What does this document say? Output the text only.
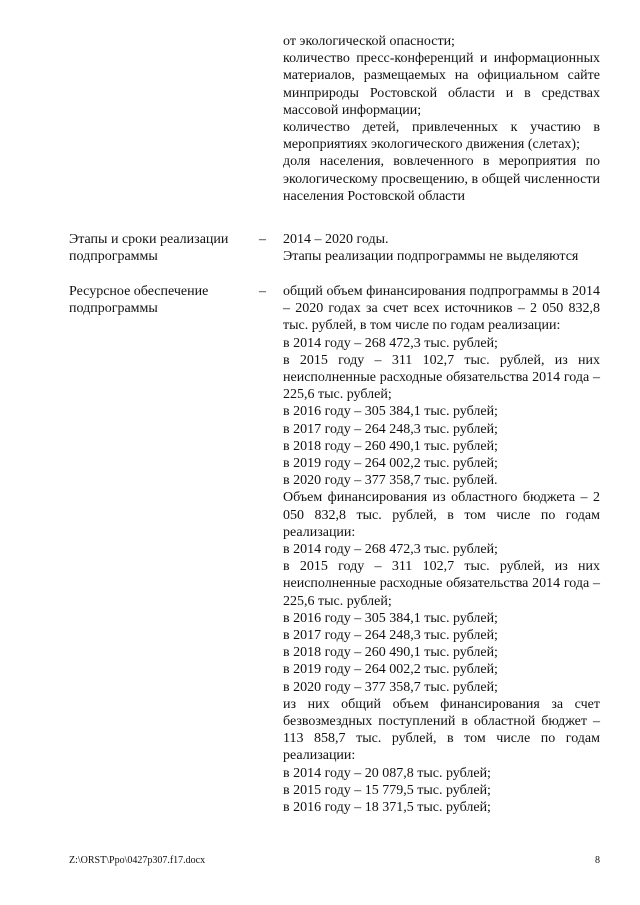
от экологической опасности;

количество пресс-конференций и информационных материалов, размещаемых на официальном сайте минприроды Ростовской области и в средствах массовой информации;

количество детей, привлеченных к участию в мероприятиях экологического движения (слетах);

доля населения, вовлеченного в мероприятия по экологическому просвещению, в общей численности населения Ростовской области

Этапы и сроки реализации подпрограммы
– 2014 – 2020 годы.

Этапы реализации подпрограммы не выделяются

Ресурсное обеспечение подпрограммы
– общий объем финансирования подпрограммы в 2014 – 2020 годах за счет всех источников – 2 050 832,8 тыс. рублей, в том числе по годам реализации:

в 2014 году – 268 472,3 тыс. рублей;

в 2015 году – 311 102,7 тыс. рублей, из них неисполненные расходные обязательства 2014 года – 225,6 тыс. рублей;

в 2016 году – 305 384,1 тыс. рублей;

в 2017 году – 264 248,3 тыс. рублей;

в 2018 году – 260 490,1 тыс. рублей;

в 2019 году – 264 002,2 тыс. рублей;

в 2020 году – 377 358,7 тыс. рублей.

Объем финансирования из областного бюджета – 2 050 832,8 тыс. рублей, в том числе по годам реализации:

в 2014 году – 268 472,3 тыс. рублей;

в 2015 году – 311 102,7 тыс. рублей, из них неисполненные расходные обязательства 2014 года – 225,6 тыс. рублей;

в 2016 году – 305 384,1 тыс. рублей;

в 2017 году – 264 248,3 тыс. рублей;

в 2018 году – 260 490,1 тыс. рублей;

в 2019 году – 264 002,2 тыс. рублей;

в 2020 году – 377 358,7 тыс. рублей;

из них общий объем финансирования за счет безвозмездных поступлений в областной бюджет – 113 858,7 тыс. рублей, в том числе по годам реализации:

в 2014 году – 20 087,8 тыс. рублей;

в 2015 году – 15 779,5 тыс. рублей;

в 2016 году – 18 371,5 тыс. рублей;

Z:\ORST\Ppo\0427p307.f17.docx	8
